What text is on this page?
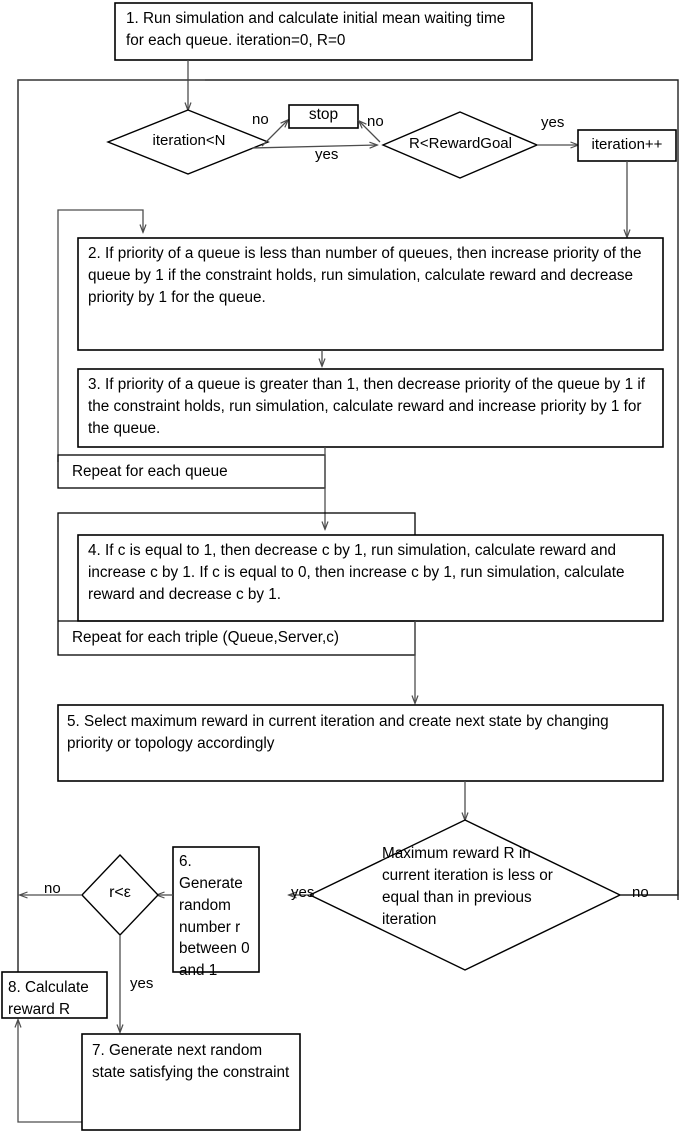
1. Run simulation and calculate initial mean waiting time for each queue. iteration=0, R=0
iteration<N
stop
R<RewardGoal	iteration++
no
yes
no	yes
2. If priority of a queue is less than number of queues, then increase priority of the queue by 1 if the constraint holds, run simulation, calculate reward and decrease priority by 1 for the queue.
3. If priority of a queue is greater than 1, then decrease priority of the queue by 1 if the constraint holds, run simulation, calculate reward and increase priority by 1 for the queue.
Repeat for each queue
4. If c is equal to 1, then decrease c by 1, run simulation, calculate reward and increase c by 1. If c is equal to 0, then increase c by 1, run simulation, calculate reward and decrease c by 1.
Repeat for each triple (Queue,Server,c)
5. Select maximum reward in current iteration and create next state by changing priority or topology accordingly
Maximum reward R in current iteration is less or equal than in previous iteration
6. Generate random number r between 0 and 1
r<ε	yes	no
no
yes
8. Calculate reward R
7. Generate next random state satisfying the constraint
